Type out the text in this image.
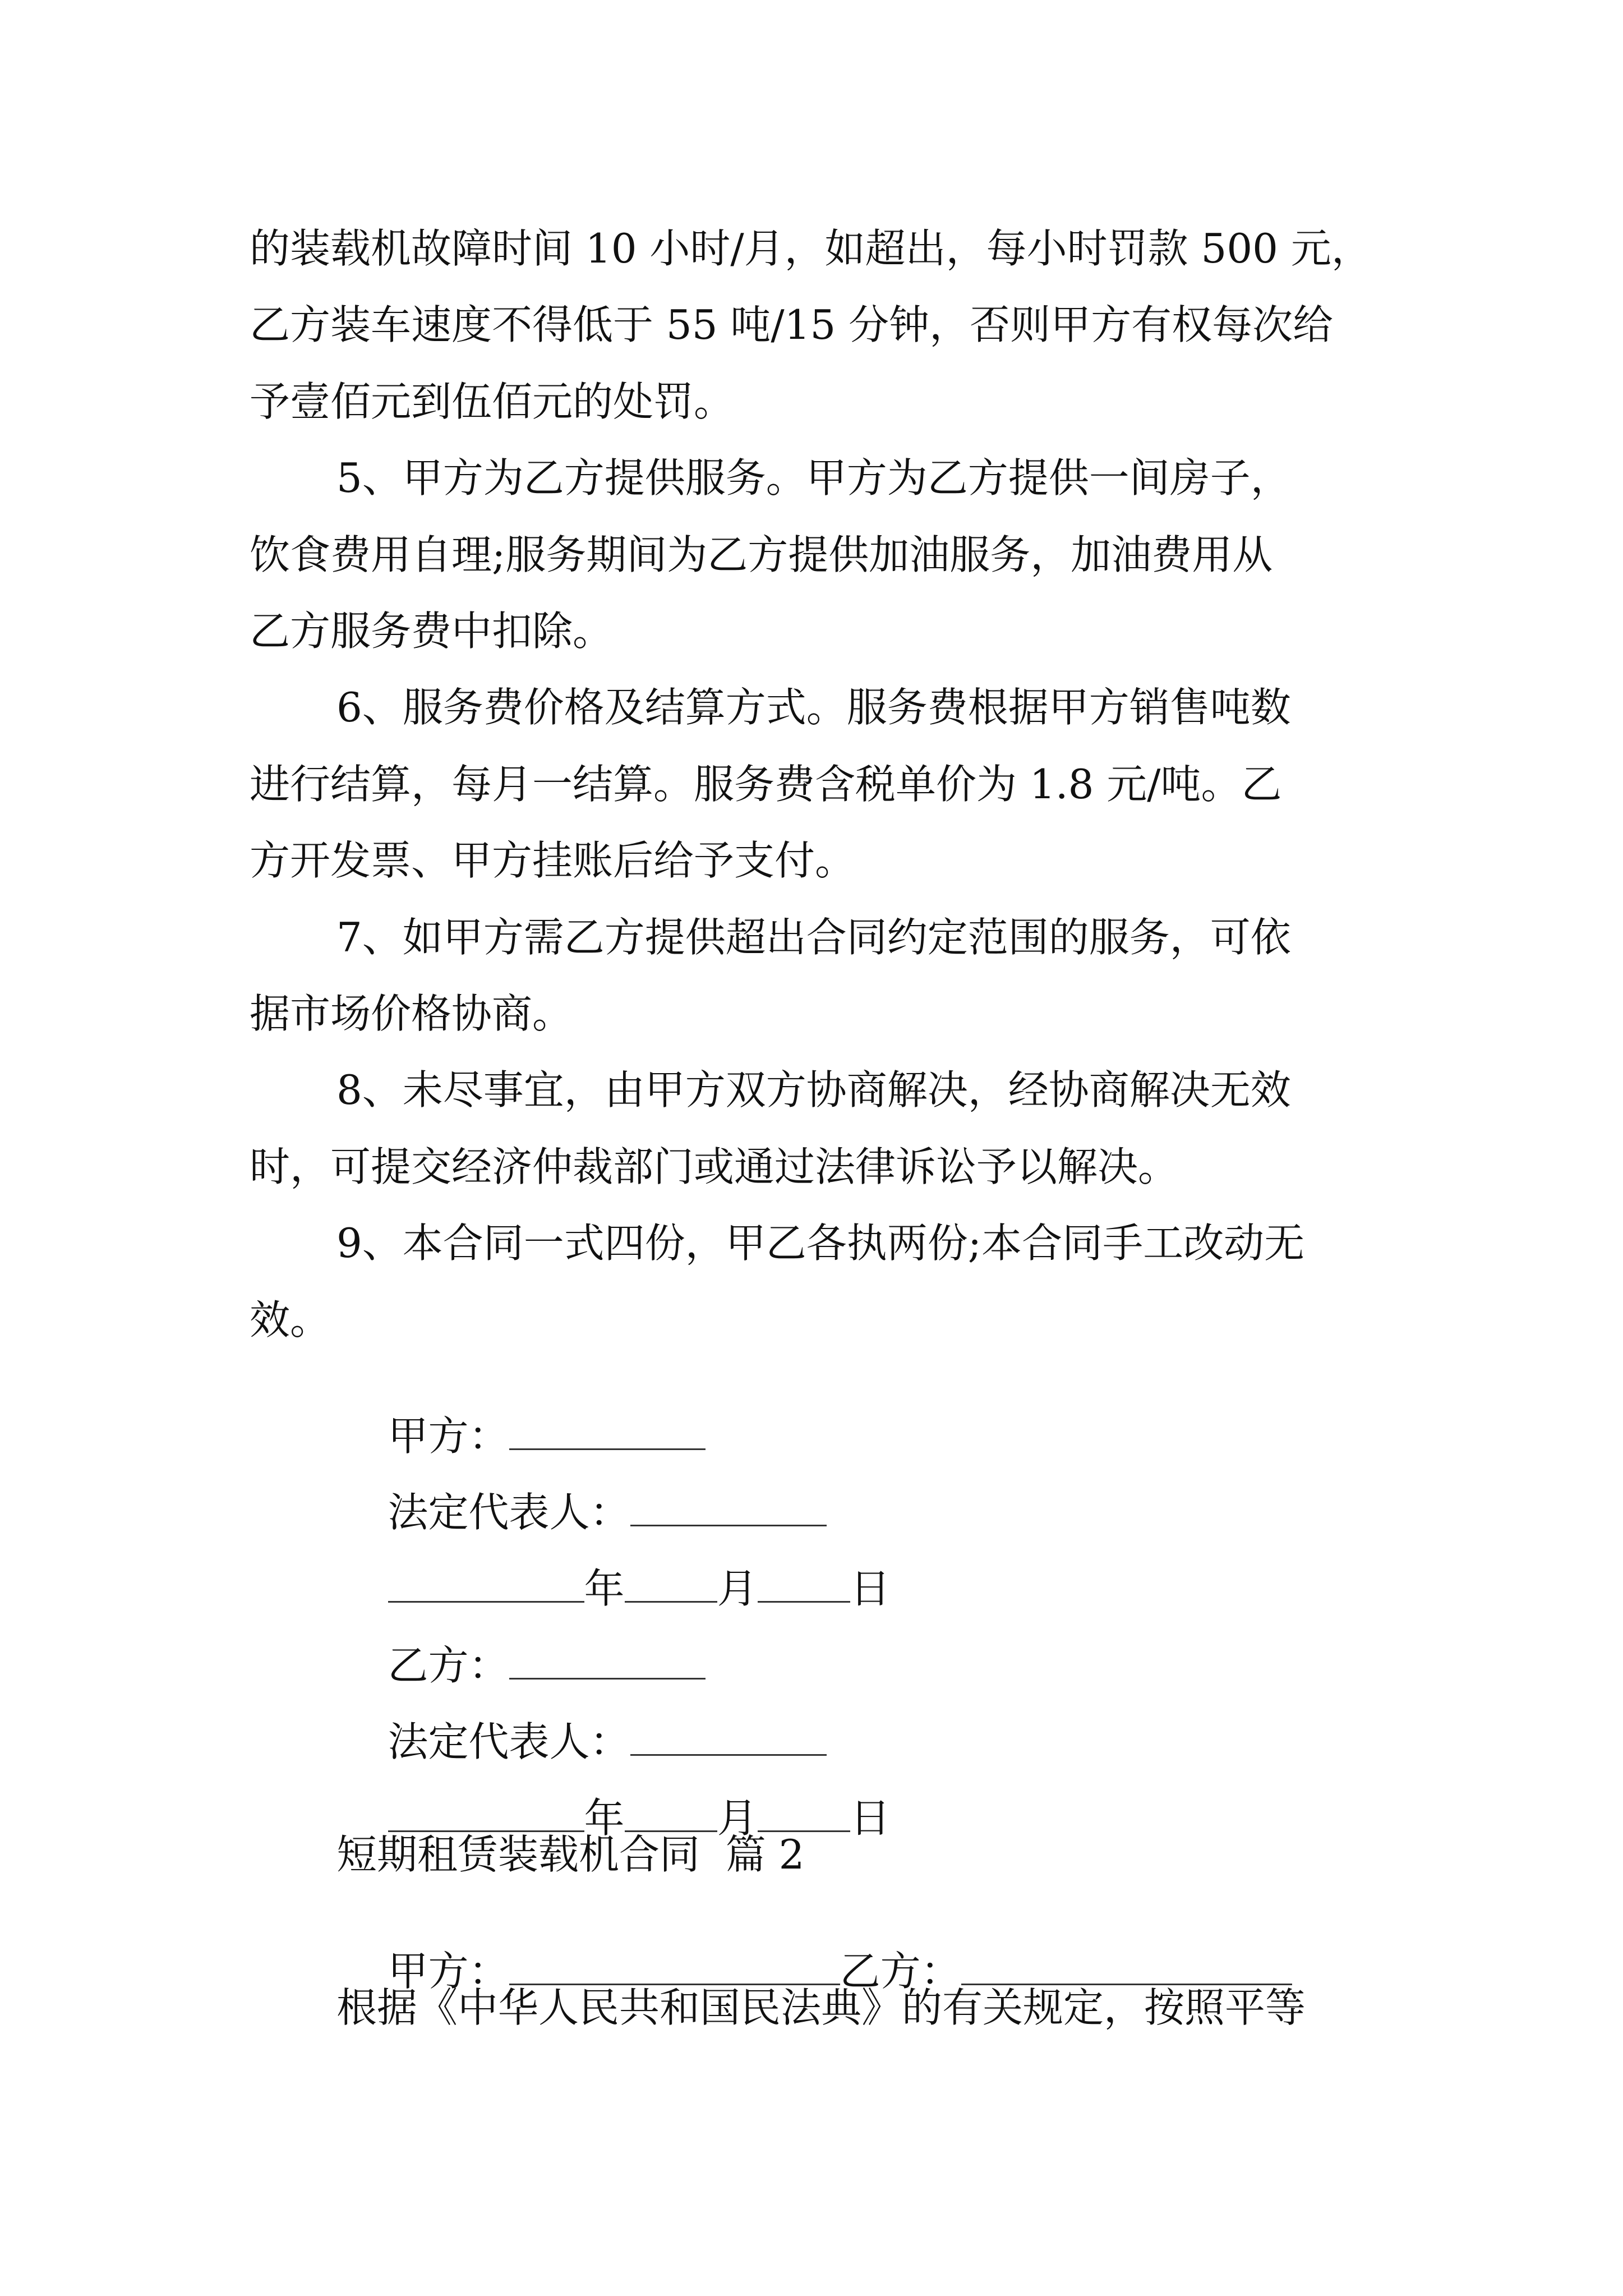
的装载机故障时间 10 小时/月，如超出，每小时罚款 500 元，
乙方装车速度不得低于 55 吨/15 分钟，否则甲方有权每次给
予壹佰元到伍佰元的处罚。
5、甲方为乙方提供服务。甲方为乙方提供一间房子，
饮食费用自理;服务期间为乙方提供加油服务，加油费用从
乙方服务费中扣除。
6、服务费价格及结算方式。服务费根据甲方销售吨数
进行结算，每月一结算。服务费含税单价为 1.8 元/吨。乙
方开发票、甲方挂账后给予支付。
7、如甲方需乙方提供超出合同约定范围的服务，可依
据市场价格协商。
8、未尽事宜，由甲方双方协商解决，经协商解决无效
时，可提交经济仲裁部门或通过法律诉讼予以解决。
9、本合同一式四份，甲乙各执两份;本合同手工改动无
效。

甲方：

法定代表人：

年 月 日

乙方：

法定代表人：

年 月 日

短期租赁装载机合同  篇 2

甲方：	乙方：

根据《中华人民共和国民法典》的有关规定，按照平等
